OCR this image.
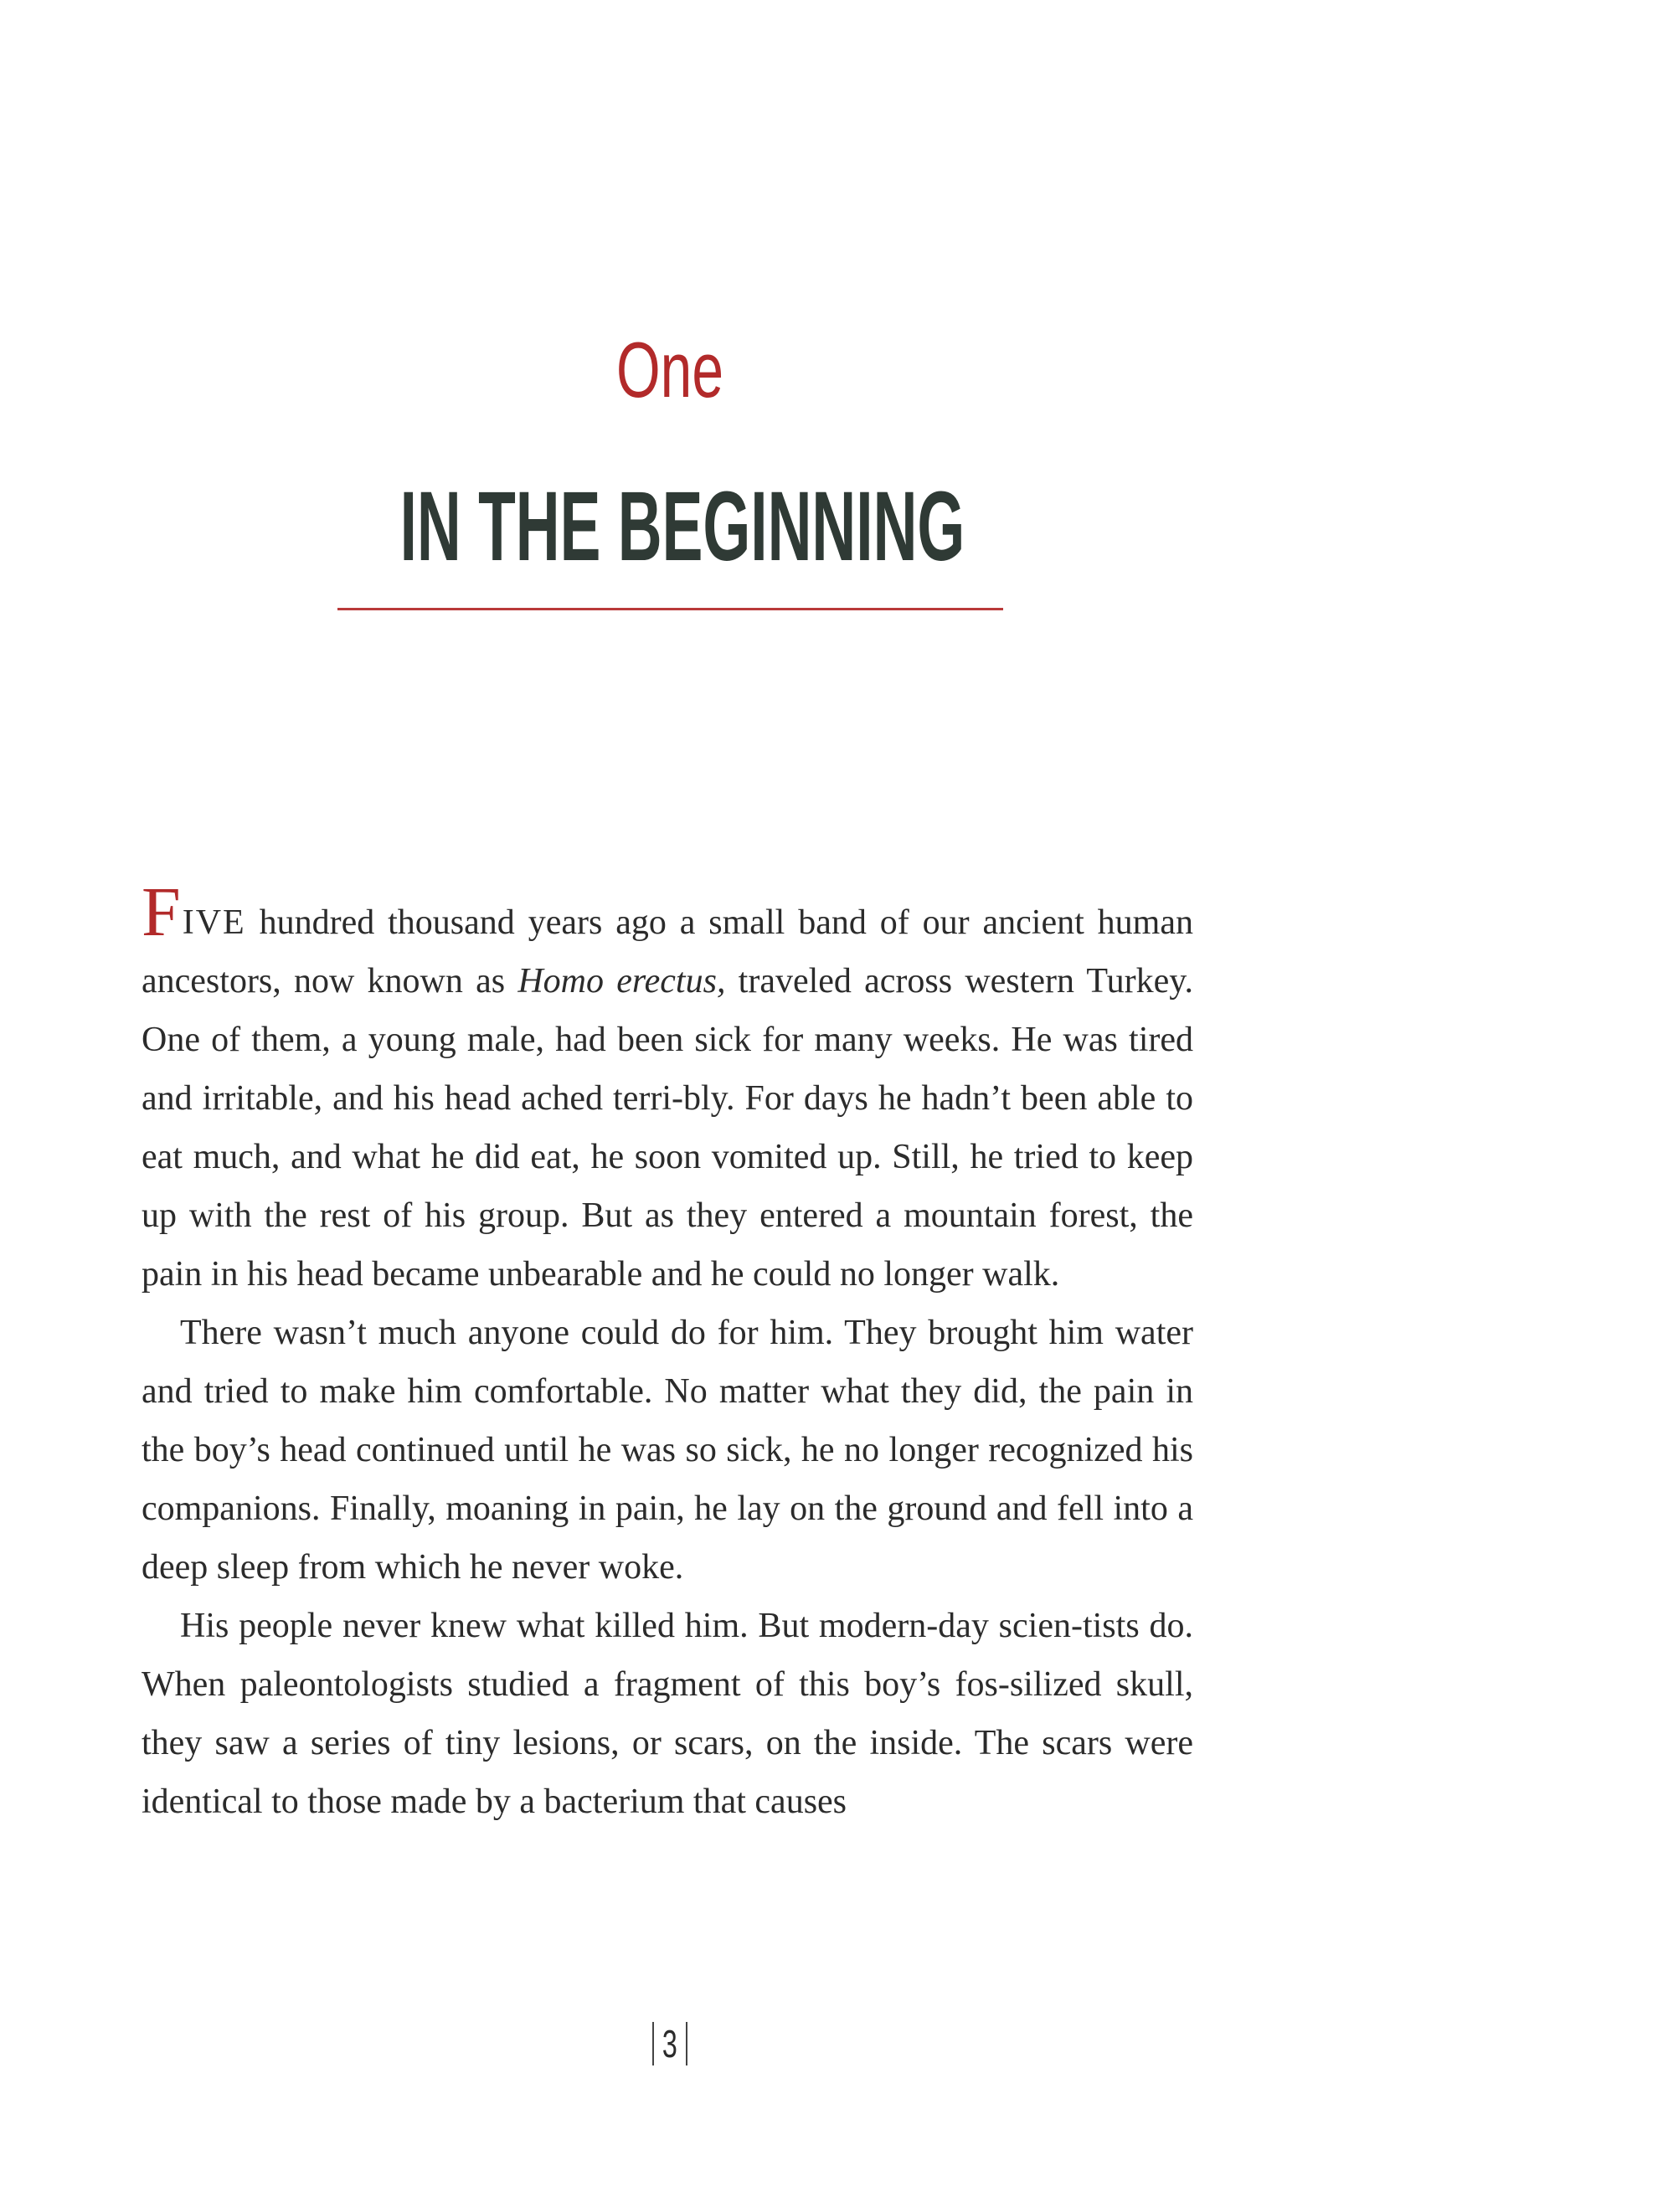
One
IN THE BEGINNING

FIVE hundred thousand years ago a small band of our ancient human ancestors, now known as Homo erectus, traveled across western Turkey. One of them, a young male, had been sick for many weeks. He was tired and irritable, and his head ached terri-bly. For days he hadn’t been able to eat much, and what he did eat, he soon vomited up. Still, he tried to keep up with the rest of his group. But as they entered a mountain forest, the pain in his head became unbearable and he could no longer walk.

There wasn’t much anyone could do for him. They brought him water and tried to make him comfortable. No matter what they did, the pain in the boy’s head continued until he was so sick, he no longer recognized his companions. Finally, moaning in pain, he lay on the ground and fell into a deep sleep from which he never woke.

His people never knew what killed him. But modern-day scien-tists do. When paleontologists studied a fragment of this boy’s fos-silized skull, they saw a series of tiny lesions, or scars, on the inside. The scars were identical to those made by a bacterium that causes

3
